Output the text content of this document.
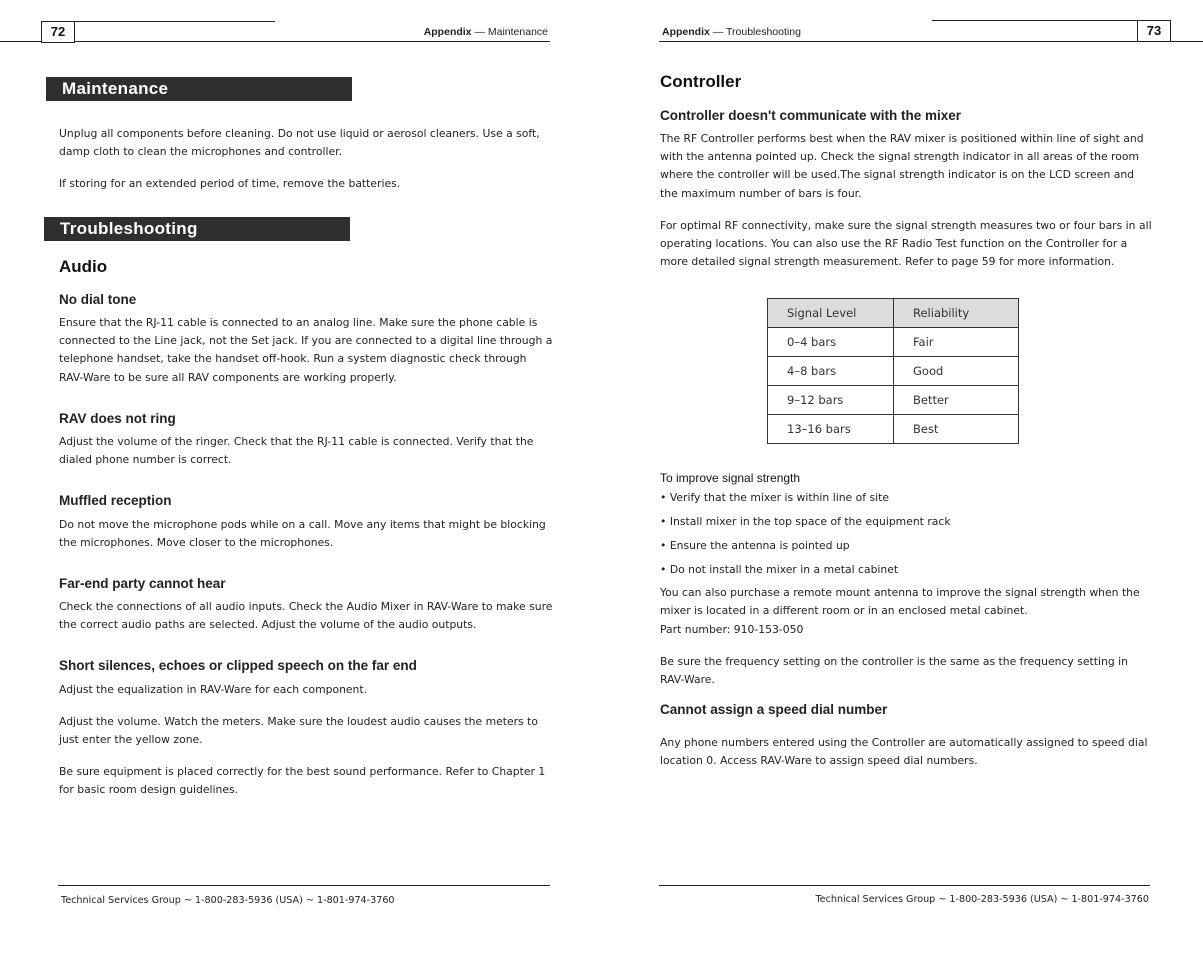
72	Appendix — Maintenance
Maintenance

Unplug all components before cleaning. Do not use liquid or aerosol cleaners. Use a soft, damp cloth to clean the microphones and controller.

If storing for an extended period of time, remove the batteries.

Troubleshooting
Audio
No dial tone

Ensure that the RJ-11 cable is connected to an analog line. Make sure the phone cable is connected to the Line jack, not the Set jack. If you are connected to a digital line through a telephone handset, take the handset off-hook. Run a system diagnostic check through RAV-Ware to be sure all RAV components are working properly.

RAV does not ring

Adjust the volume of the ringer. Check that the RJ-11 cable is connected. Verify that the dialed phone number is correct.

Muffled reception

Do not move the microphone pods while on a call. Move any items that might be blocking the microphones. Move closer to the microphones.

Far-end party cannot hear

Check the connections of all audio inputs. Check the Audio Mixer in RAV-Ware to make sure the correct audio paths are selected. Adjust the volume of the audio outputs.

Short silences, echoes or clipped speech on the far end

Adjust the equalization in RAV-Ware for each component.

Adjust the volume. Watch the meters. Make sure the loudest audio causes the meters to just enter the yellow zone.

Be sure equipment is placed correctly for the best sound performance. Refer to Chapter 1 for basic room design guidelines.

Technical Services Group ~ 1-800-283-5936 (USA) ~ 1-801-974-3760
73
Appendix — Troubleshooting
Controller
Controller doesn't communicate with the mixer

The RF Controller performs best when the RAV mixer is positioned within line of sight and with the antenna pointed up. Check the signal strength indicator in all areas of the room where the controller will be used.The signal strength indicator is on the LCD screen and the maximum number of bars is four.

For optimal RF connectivity, make sure the signal strength measures two or four bars in all operating locations. You can also use the RF Radio Test function on the Controller for a more detailed signal strength measurement. Refer to page 59 for more information.

Signal Level	Reliability
0–4 bars	Fair
4–8 bars	Good
9–12 bars	Better
13–16 bars	Best
To improve signal strength
• Verify that the mixer is within line of site
• Install mixer in the top space of the equipment rack
• Ensure the antenna is pointed up
• Do not install the mixer in a metal cabinet

You can also purchase a remote mount antenna to improve the signal strength when the mixer is located in a different room or in an enclosed metal cabinet.

Part number: 910-153-050

Be sure the frequency setting on the controller is the same as the frequency setting in RAV-Ware.

Cannot assign a speed dial number

Any phone numbers entered using the Controller are automatically assigned to speed dial location 0. Access RAV-Ware to assign speed dial numbers.

Technical Services Group ~ 1-800-283-5936 (USA) ~ 1-801-974-3760
